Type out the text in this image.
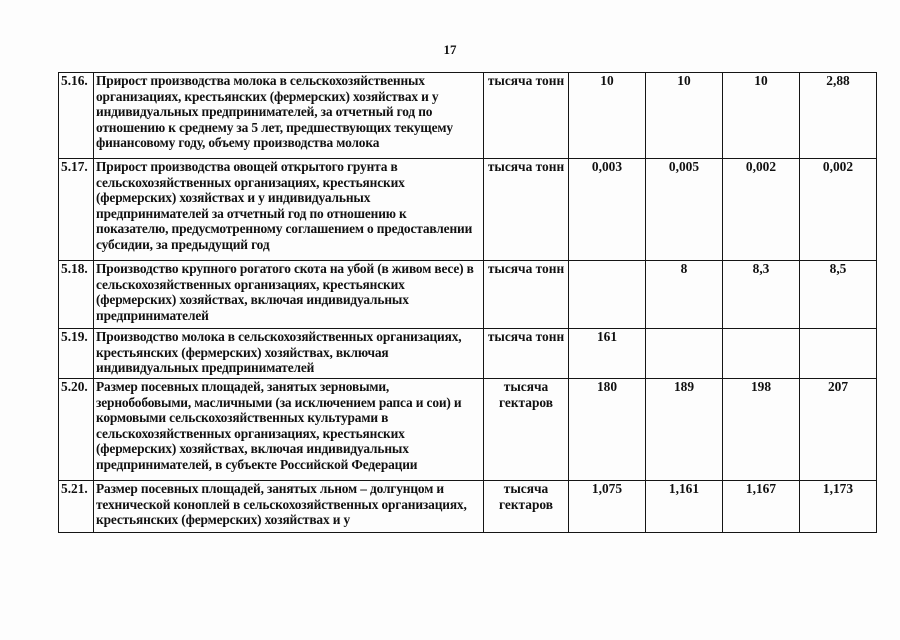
17
5.16.	Прирост производства молока в сельскохозяйственных организациях, крестьянских (фермерских) хозяйствах и у индивидуальных предпринимателей, за отчетный год по отношению к среднему за 5 лет, предшествующих текущему финансовому году, объему производства молока	тысяча тонн	10	10	10	2,88
5.17.	Прирост производства овощей открытого грунта в сельскохозяйственных организациях, крестьянских (фермерских) хозяйствах и у индивидуальных предпринимателей за отчетный год по отношению к показателю, предусмотренному соглашением о предоставлении субсидии, за предыдущий год	тысяча тонн	0,003	0,005	0,002	0,002
5.18.	Производство крупного рогатого скота на убой (в живом весе) в сельскохозяйственных организациях, крестьянских (фермерских) хозяйствах, включая индивидуальных предпринимателей	тысяча тонн		8	8,3	8,5
5.19.	Производство молока в сельскохозяйственных организациях, крестьянских (фермерских) хозяйствах, включая индивидуальных предпринимателей	тысяча тонн	161			
5.20.	Размер посевных площадей, занятых зерновыми, зернобобовыми, масличными (за исключением рапса и сои) и кормовыми сельскохозяйственных культурами в сельскохозяйственных организациях, крестьянских (фермерских) хозяйствах, включая индивидуальных предпринимателей, в субъекте Российской Федерации	тысяча гектаров	180	189	198	207
5.21.	Размер посевных площадей, занятых льном – долгунцом и технической коноплей в сельскохозяйственных организациях, крестьянских (фермерских) хозяйствах и у	тысяча гектаров	1,075	1,161	1,167	1,173
